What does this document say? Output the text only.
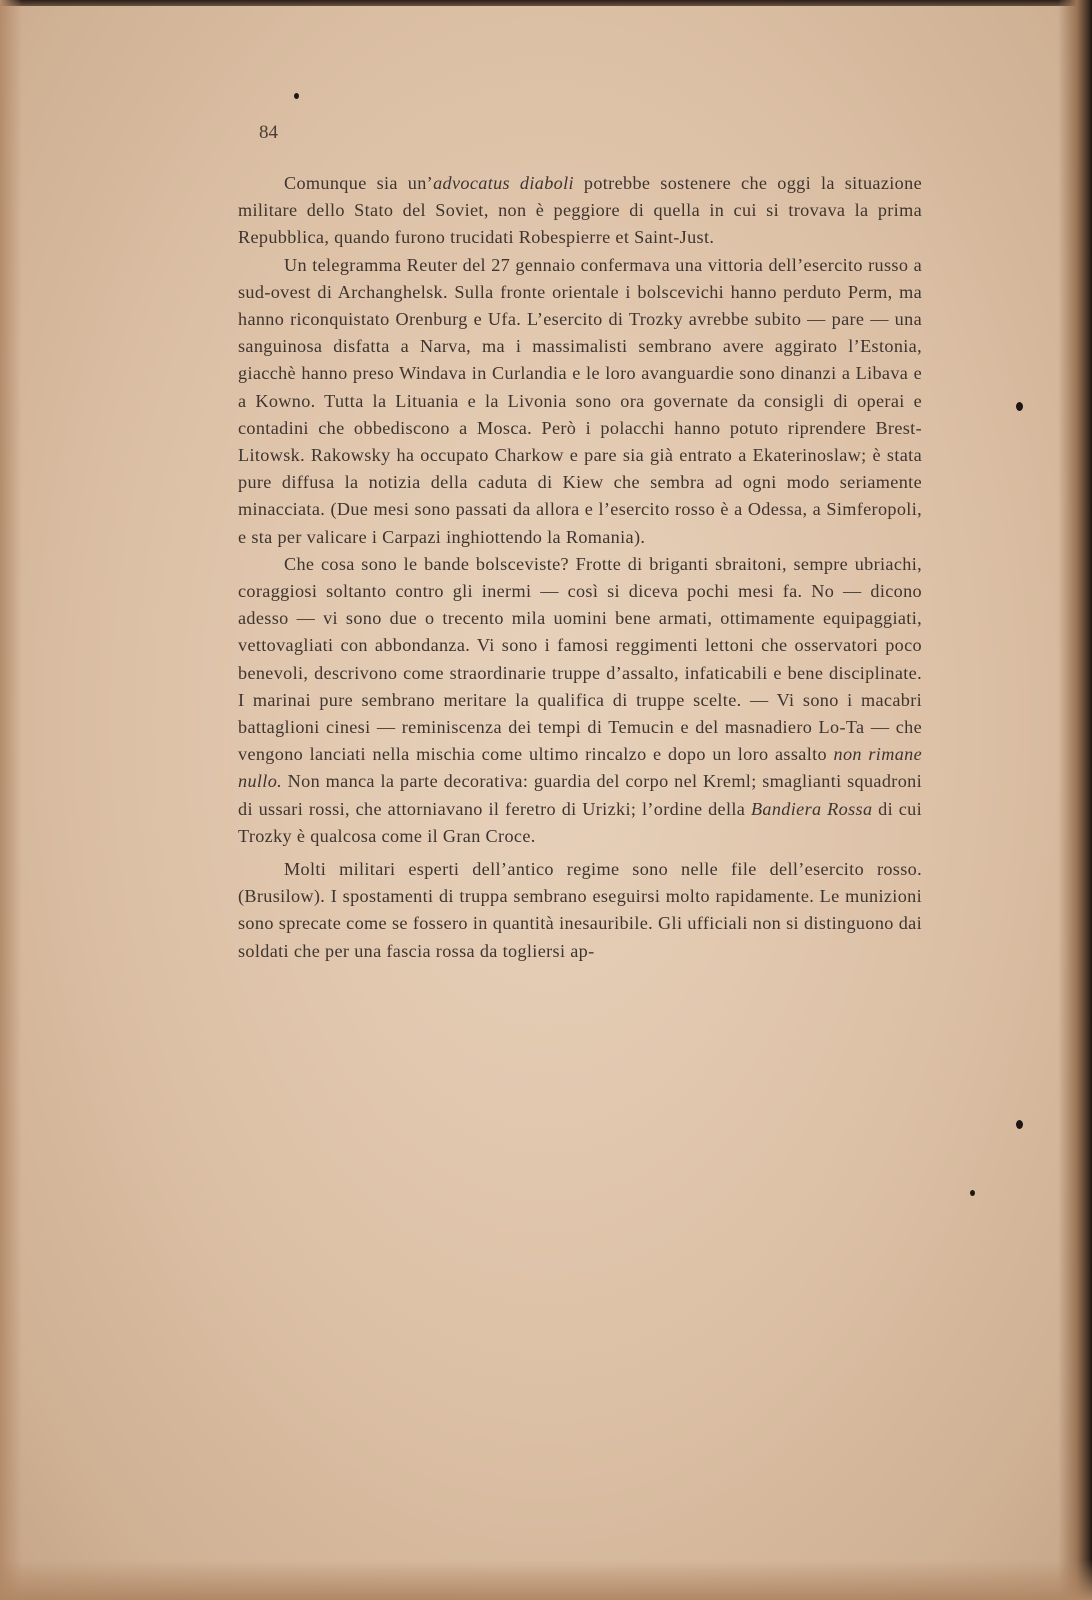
84

Comunque sia un’advocatus diaboli potrebbe sostenere che oggi la situazione militare dello Stato del Soviet, non è peggiore di quella in cui si trovava la prima Repubblica, quando furono trucidati Robespierre et Saint-Just.

Un telegramma Reuter del 27 gennaio confermava una vittoria dell’esercito russo a sud-ovest di Archanghelsk. Sulla fronte orientale i bolscevichi hanno perduto Perm, ma hanno riconquistato Orenburg e Ufa. L’esercito di Trozky avrebbe subito — pare — una sanguinosa disfatta a Narva, ma i massimalisti sembrano avere aggirato l’Estonia, giacchè hanno preso Windava in Curlandia e le loro avanguardie sono dinanzi a Libava e a Kowno. Tutta la Lituania e la Livonia sono ora governate da consigli di operai e contadini che obbediscono a Mosca. Però i polacchi hanno potuto riprendere Brest-Litowsk. Rakowsky ha occupato Charkow e pare sia già entrato a Ekaterinoslaw; è stata pure diffusa la notizia della caduta di Kiew che sembra ad ogni modo seriamente minacciata. (Due mesi sono passati da allora e l’esercito rosso è a Odessa, a Simferopoli, e sta per valicare i Carpazi inghiottendo la Romania).

Che cosa sono le bande bolsceviste? Frotte di briganti sbraitoni, sempre ubriachi, coraggiosi soltanto contro gli inermi — così si diceva pochi mesi fa. No — dicono adesso — vi sono due o trecento mila uomini bene armati, ottimamente equipaggiati, vettovagliati con abbondanza. Vi sono i famosi reggimenti lettoni che osservatori poco benevoli, descrivono come straordinarie truppe d’assalto, infaticabili e bene disciplinate. I marinai pure sembrano meritare la qualifica di truppe scelte. — Vi sono i macabri battaglioni cinesi — reminiscenza dei tempi di Temucin e del masnadiero Lo-Ta — che vengono lanciati nella mischia come ultimo rincalzo e dopo un loro assalto non rimane nullo. Non manca la parte decorativa: guardia del corpo nel Kreml; smaglianti squadroni di ussari rossi, che attorniavano il feretro di Urizki; l’ordine della Bandiera Rossa di cui Trozky è qualcosa come il Gran Croce.

Molti militari esperti dell’antico regime sono nelle file dell’esercito rosso. (Brusilow). I spostamenti di truppa sembrano eseguirsi molto rapidamente. Le munizioni sono sprecate come se fossero in quantità inesauribile. Gli ufficiali non si distinguono dai soldati che per una fascia rossa da togliersi ap-
